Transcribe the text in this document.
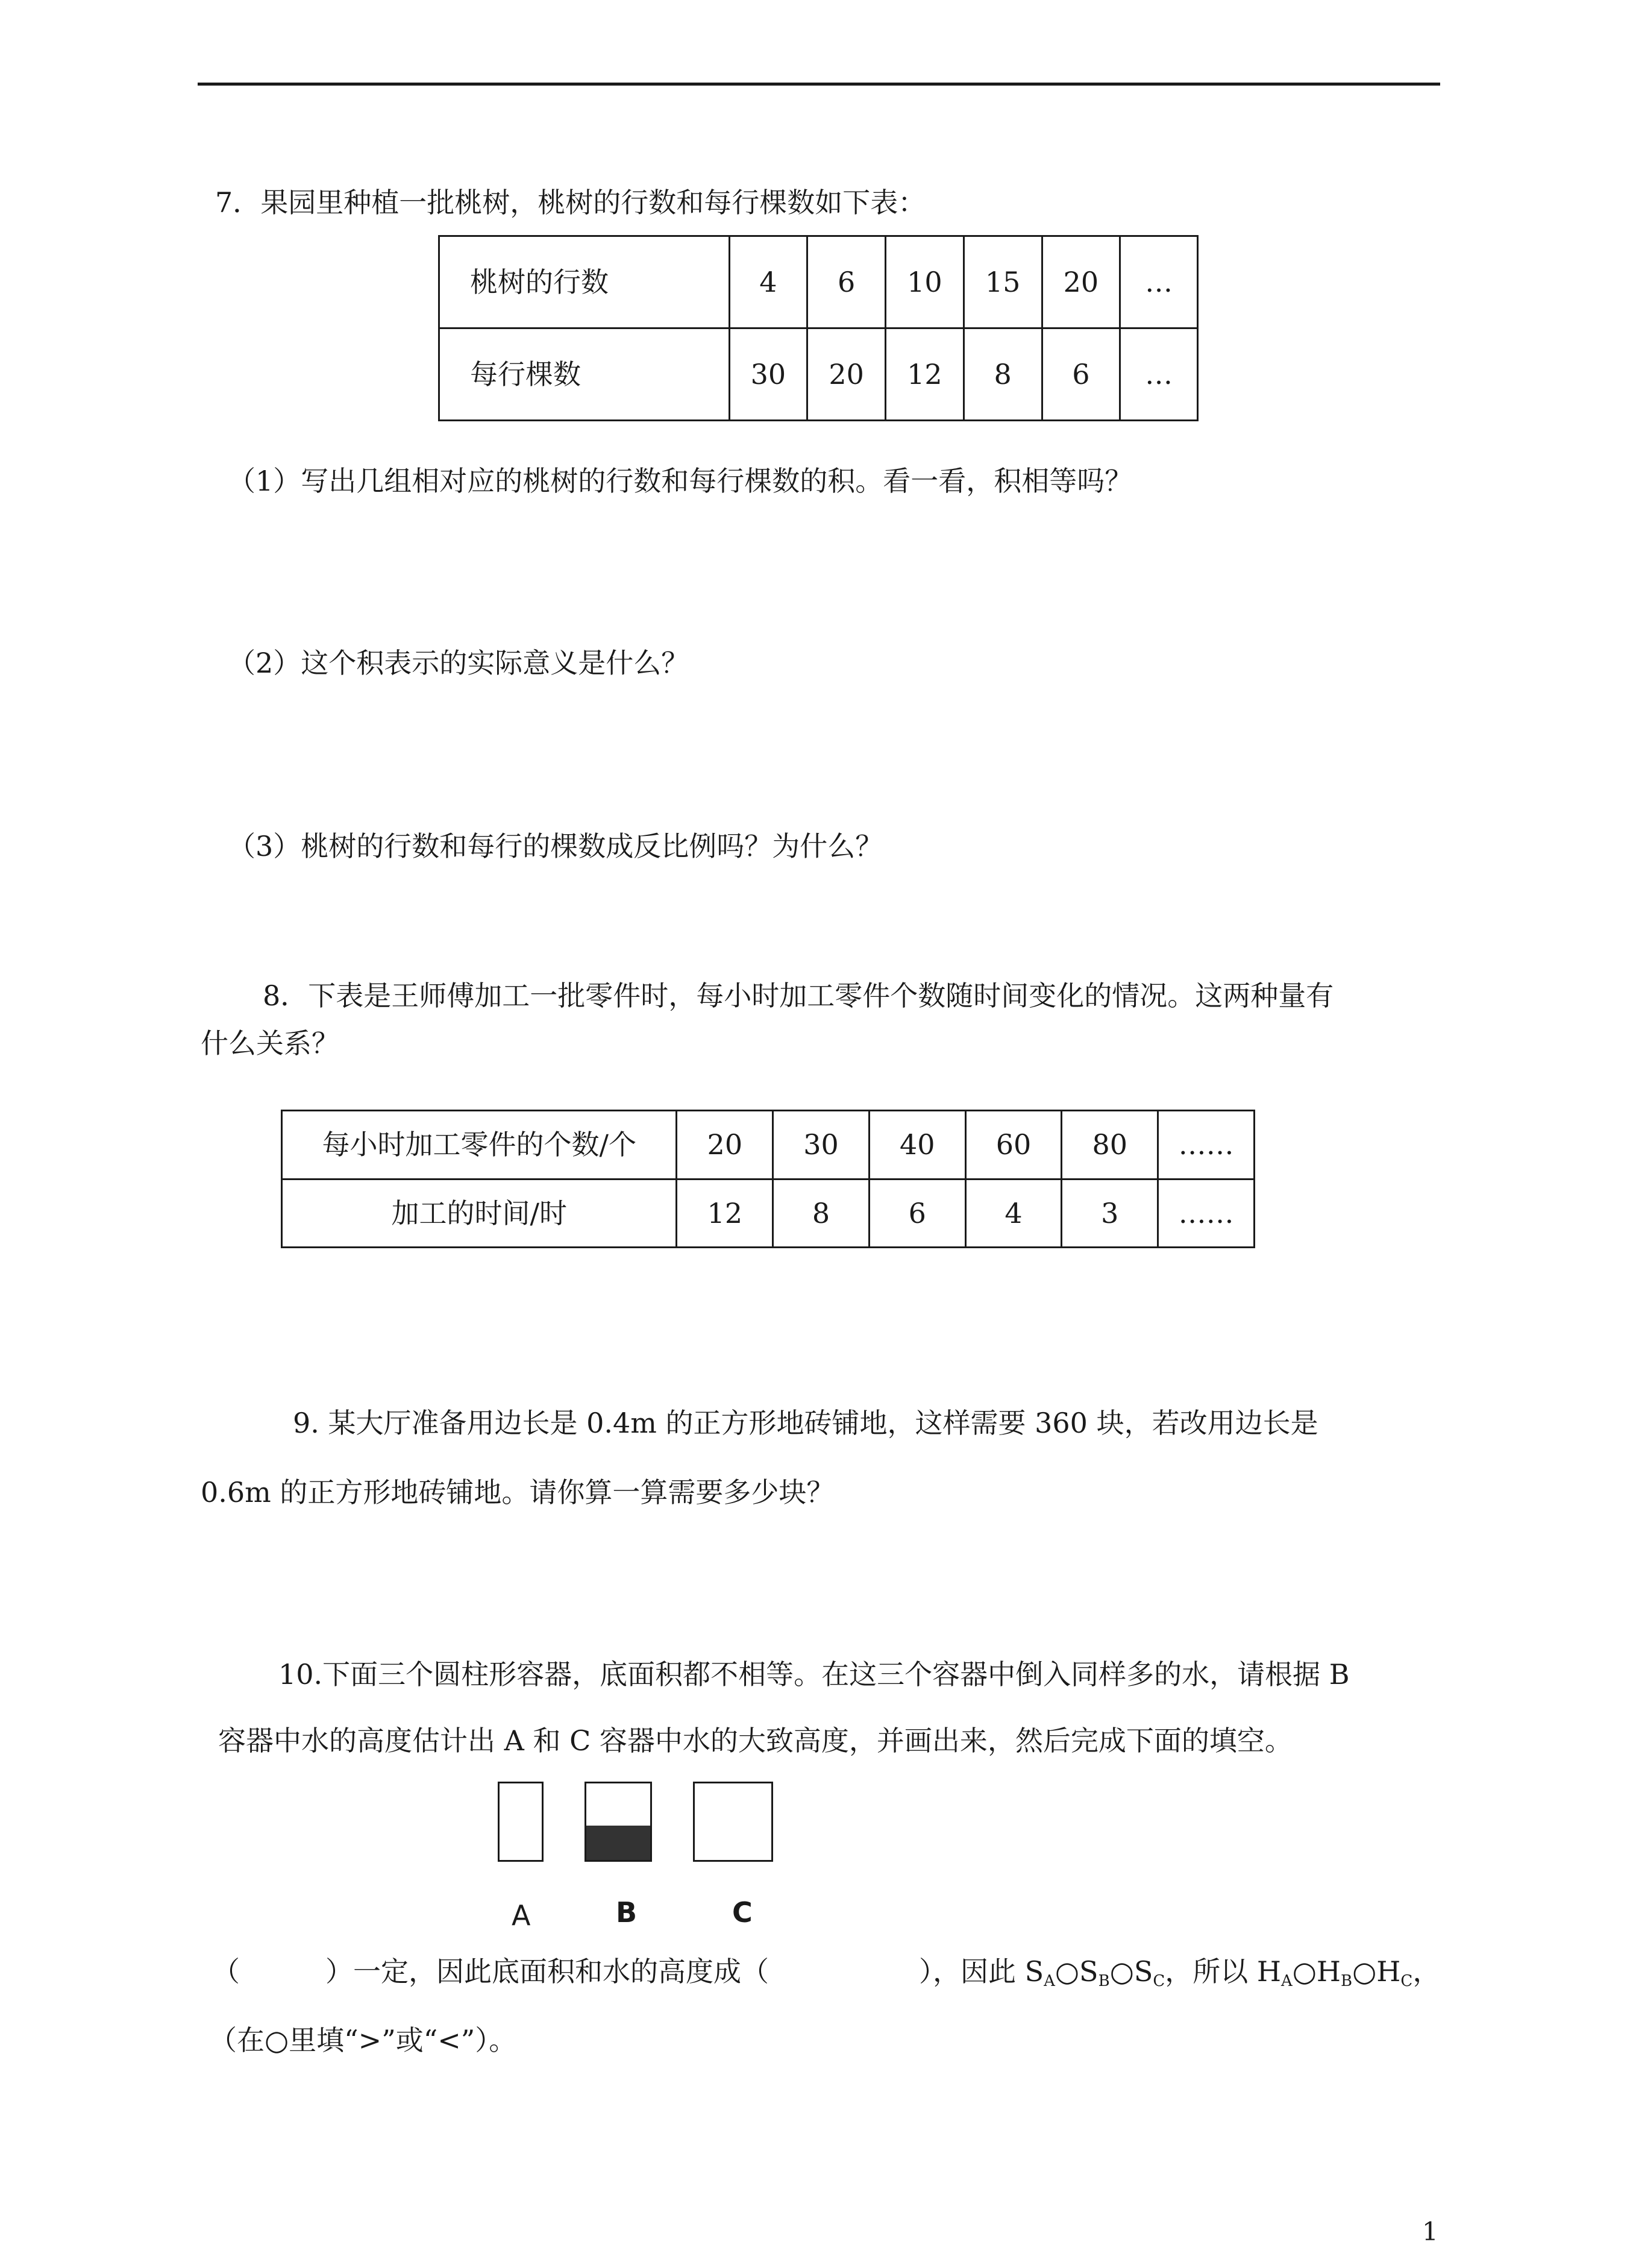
7．果园里种植一批桃树，桃树的行数和每行棵数如下表：
桃树的行数	4	6	10	15	20	…
每行棵数	30	20	12	8	6	…
（1）写出几组相对应的桃树的行数和每行棵数的积。看一看，积相等吗？
（2）这个积表示的实际意义是什么？
（3）桃树的行数和每行的棵数成反比例吗？为什么？
8．下表是王师傅加工一批零件时，每小时加工零件个数随时间变化的情况。这两种量有
什么关系？
每小时加工零件的个数/个	20	30	40	60	80	……
加工的时间/时	12	8	6	4	3	……
9. 某大厅准备用边长是 0.4m 的正方形地砖铺地，这样需要 360 块，若改用边长是
0.6m 的正方形地砖铺地。请你算一算需要多少块？
10.下面三个圆柱形容器，底面积都不相等。在这三个容器中倒入同样多的水，请根据 B
容器中水的高度估计出 A 和 C 容器中水的大致高度，并画出来，然后完成下面的填空。
A	B	C
（	）一定，因此底面积和水的高度成（	），因此 $S_A○S_B○S_C$，所以 $H_A○H_B○H_C$，
（在○里填“>”或“<”）。
1
